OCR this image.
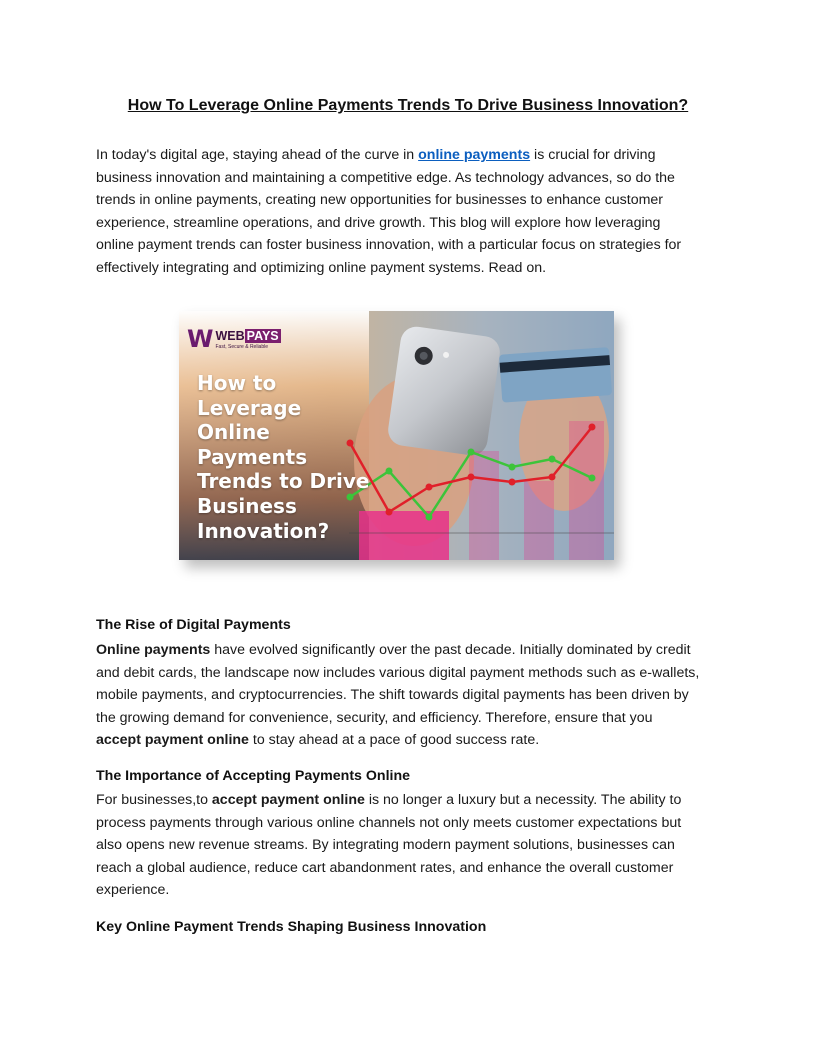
How To Leverage Online Payments Trends To Drive Business Innovation?
In today's digital age, staying ahead of the curve in online payments is crucial for driving
business innovation and maintaining a competitive edge. As technology advances, so do the
trends in online payments, creating new opportunities for businesses to enhance customer
experience, streamline operations, and drive growth. This blog will explore how leveraging
online payment trends can foster business innovation, with a particular focus on strategies for
effectively integrating and optimizing online payment systems. Read on.
W WEB PAYS
Fast, Secure & Reliable
How to
Leverage
Online
Payments
Trends to Drive
Business
Innovation?
The Rise of Digital Payments
Online payments have evolved significantly over the past decade. Initially dominated by credit
and debit cards, the landscape now includes various digital payment methods such as e-wallets,
mobile payments, and cryptocurrencies. The shift towards digital payments has been driven by
the growing demand for convenience, security, and efficiency. Therefore, ensure that you
accept payment online to stay ahead at a pace of good success rate.
The Importance of Accepting Payments Online
For businesses,to accept payment online is no longer a luxury but a necessity. The ability to
process payments through various online channels not only meets customer expectations but
also opens new revenue streams. By integrating modern payment solutions, businesses can
reach a global audience, reduce cart abandonment rates, and enhance the overall customer
experience.
Key Online Payment Trends Shaping Business Innovation
